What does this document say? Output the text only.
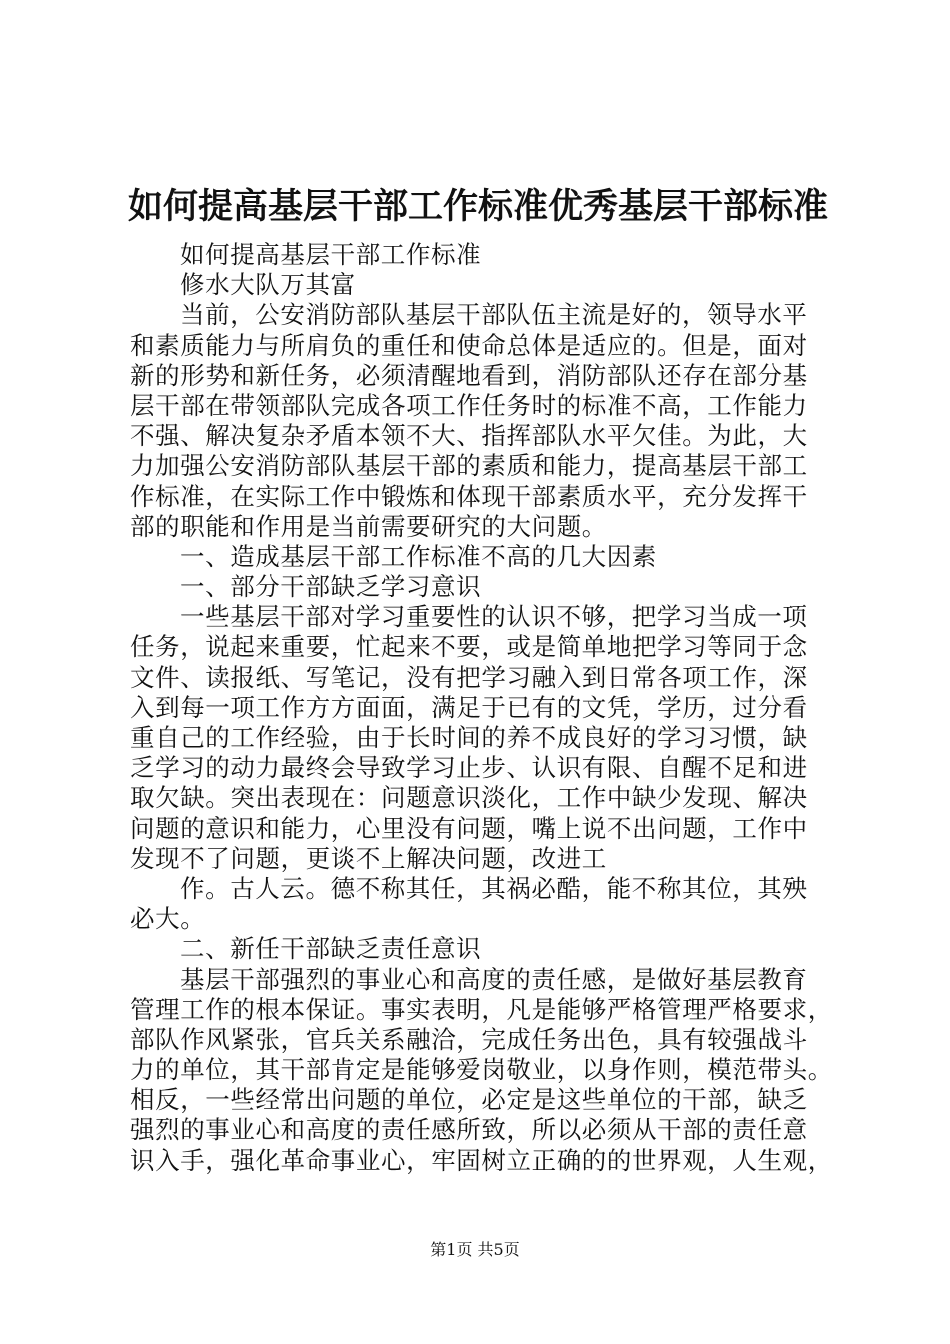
如何提高基层干部工作标准优秀基层干部标准
如何提高基层干部工作标准
修水大队万其富
当前，公安消防部队基层干部队伍主流是好的，领导水平
和素质能力与所肩负的重任和使命总体是适应的。但是，面对
新的形势和新任务，必须清醒地看到，消防部队还存在部分基
层干部在带领部队完成各项工作任务时的标准不高，工作能力
不强、解决复杂矛盾本领不大、指挥部队水平欠佳。为此，大
力加强公安消防部队基层干部的素质和能力，提高基层干部工
作标准，在实际工作中锻炼和体现干部素质水平，充分发挥干
部的职能和作用是当前需要研究的大问题。
一、造成基层干部工作标准不高的几大因素
一、部分干部缺乏学习意识
一些基层干部对学习重要性的认识不够，把学习当成一项
任务，说起来重要，忙起来不要，或是简单地把学习等同于念
文件、读报纸、写笔记，没有把学习融入到日常各项工作，深
入到每一项工作方方面面，满足于已有的文凭，学历，过分看
重自己的工作经验，由于长时间的养不成良好的学习习惯，缺
乏学习的动力最终会导致学习止步、认识有限、自醒不足和进
取欠缺。突出表现在：问题意识淡化，工作中缺少发现、解决
问题的意识和能力，心里没有问题，嘴上说不出问题，工作中
发现不了问题，更谈不上解决问题，改进工
作。古人云。德不称其任，其祸必酷，能不称其位，其殃
必大。
二、新任干部缺乏责任意识
基层干部强烈的事业心和高度的责任感，是做好基层教育
管理工作的根本保证。事实表明，凡是能够严格管理严格要求，
部队作风紧张，官兵关系融洽，完成任务出色，具有较强战斗
力的单位，其干部肯定是能够爱岗敬业，以身作则，模范带头。
相反，一些经常出问题的单位，必定是这些单位的干部，缺乏
强烈的事业心和高度的责任感所致，所以必须从干部的责任意
识入手，强化革命事业心，牢固树立正确的的世界观，人生观，
第1页 共5页
